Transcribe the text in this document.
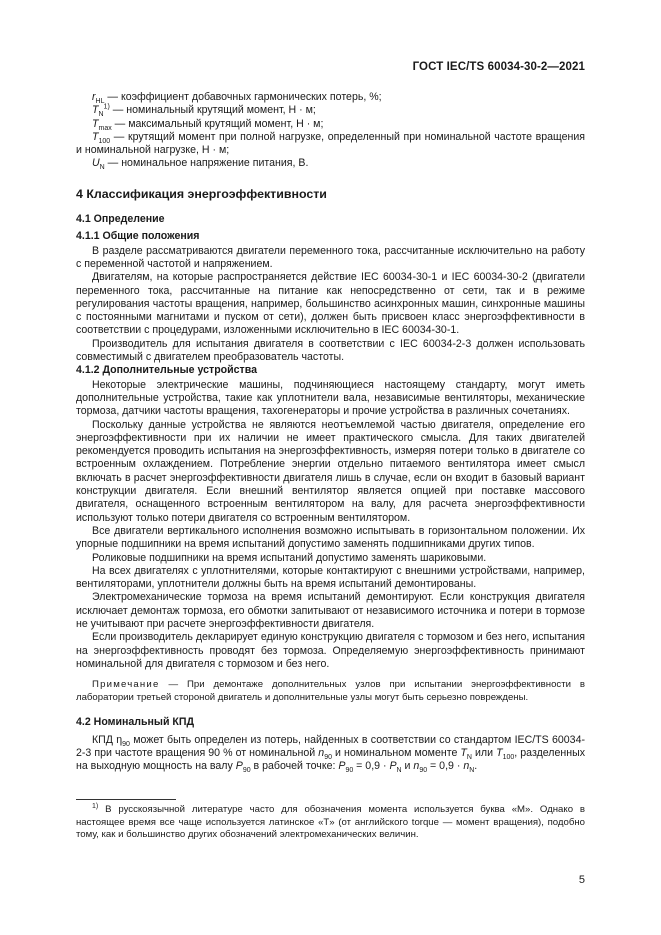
ГОСТ IEC/TS 60034-30-2—2021

$r_{HL}$ — коэффициент добавочных гармонических потерь, %;

$T_N^{1)}$ — номинальный крутящий момент, Н · м;

$T_{max}$ — максимальный крутящий момент, Н · м;

$T_{100}$ — крутящий момент при полной нагрузке, определенный при номинальной частоте вращения и номинальной нагрузке, Н · м;

$U_N$ — номинальное напряжение питания, В.

4 Классификация энергоэффективности
4.1 Определение
4.1.1 Общие положения

В разделе рассматриваются двигатели переменного тока, рассчитанные исключительно на работу с переменной частотой и напряжением.

Двигателям, на которые распространяется действие IEC 60034-30-1 и IEC 60034-30-2 (двигатели переменного тока, рассчитанные на питание как непосредственно от сети, так и в режиме регулирования частоты вращения, например, большинство асинхронных машин, синхронные машины с постоянными магнитами и пуском от сети), должен быть присвоен класс энергоэффективности в соответствии с процедурами, изложенными исключительно в IEC 60034-30-1.

Производитель для испытания двигателя в соответствии с IEC 60034-2-3 должен использовать совместимый с двигателем преобразователь частоты.

4.1.2 Дополнительные устройства

Некоторые электрические машины, подчиняющиеся настоящему стандарту, могут иметь дополнительные устройства, такие как уплотнители вала, независимые вентиляторы, механические тормоза, датчики частоты вращения, тахогенераторы и прочие устройства в различных сочетаниях.

Поскольку данные устройства не являются неотъемлемой частью двигателя, определение его энергоэффективности при их наличии не имеет практического смысла. Для таких двигателей рекомендуется проводить испытания на энергоэффективность, измеряя потери только в двигателе со встроенным охлаждением. Потребление энергии отдельно питаемого вентилятора имеет смысл включать в расчет энергоэффективности двигателя лишь в случае, если он входит в базовый вариант конструкции двигателя. Если внешний вентилятор является опцией при поставке массового двигателя, оснащенного встроенным вентилятором на валу, для расчета энергоэффективности используют только потери двигателя со встроенным вентилятором.

Все двигатели вертикального исполнения возможно испытывать в горизонтальном положении. Их упорные подшипники на время испытаний допустимо заменять подшипниками других типов.

Роликовые подшипники на время испытаний допустимо заменять шариковыми.

На всех двигателях с уплотнителями, которые контактируют с внешними устройствами, например, вентиляторами, уплотнители должны быть на время испытаний демонтированы.

Электромеханические тормоза на время испытаний демонтируют. Если конструкция двигателя исключает демонтаж тормоза, его обмотки запитывают от независимого источника и потери в тормозе не учитывают при расчете энергоэффективности двигателя.

Если производитель декларирует единую конструкцию двигателя с тормозом и без него, испытания на энергоэффективность проводят без тормоза. Определяемую энергоэффективность принимают номинальной для двигателя с тормозом и без него.

Примечание — При демонтаже дополнительных узлов при испытании энергоэффективности в лаборатории третьей стороной двигатель и дополнительные узлы могут быть серьезно повреждены.

4.2 Номинальный КПД

КПД $\eta_{90}$ может быть определен из потерь, найденных в соответствии со стандартом IEC/TS 60034-2-3 при частоте вращения 90 % от номинальной $n_{90}$ и номинальном моменте $T_N$ или $T_{100}$, разделенных на выходную мощность на валу $P_{90}$ в рабочей точке: $P_{90} = 0,9 \cdot P_N$ и $n_{90} = 0,9 \cdot n_N$.

$^{1)}$ В русскоязычной литературе часто для обозначения момента используется буква «М». Однако в настоящее время все чаще используется латинское «T» (от английского torque — момент вращения), подобно тому, как и большинство других обозначений электромеханических величин.

5
